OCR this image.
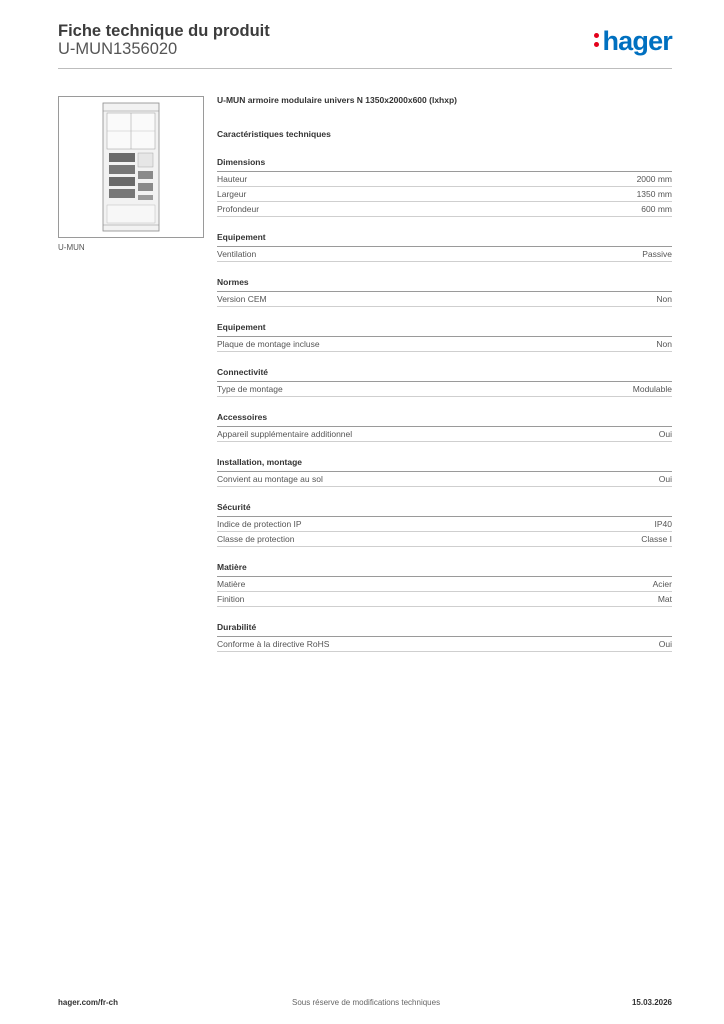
Fiche technique du produit
U-MUN1356020	hager
U-MUN
U-MUN armoire modulaire univers N 1350x2000x600 (lxhxp)
Caractéristiques techniques
Dimensions
Hauteur	2000 mm
Largeur	1350 mm
Profondeur	600 mm
Equipement
Ventilation	Passive
Normes
Version CEM	Non
Equipement
Plaque de montage incluse	Non
Connectivité
Type de montage	Modulable
Accessoires
Appareil supplémentaire additionnel	Oui
Installation, montage
Convient au montage au sol	Oui
Sécurité
Indice de protection IP	IP40
Classe de protection	Classe I
Matière
Matière	Acier
Finition	Mat
Durabilité
Conforme à la directive RoHS	Oui
hager.com/fr-ch	Sous réserve de modifications techniques	15.03.2026
